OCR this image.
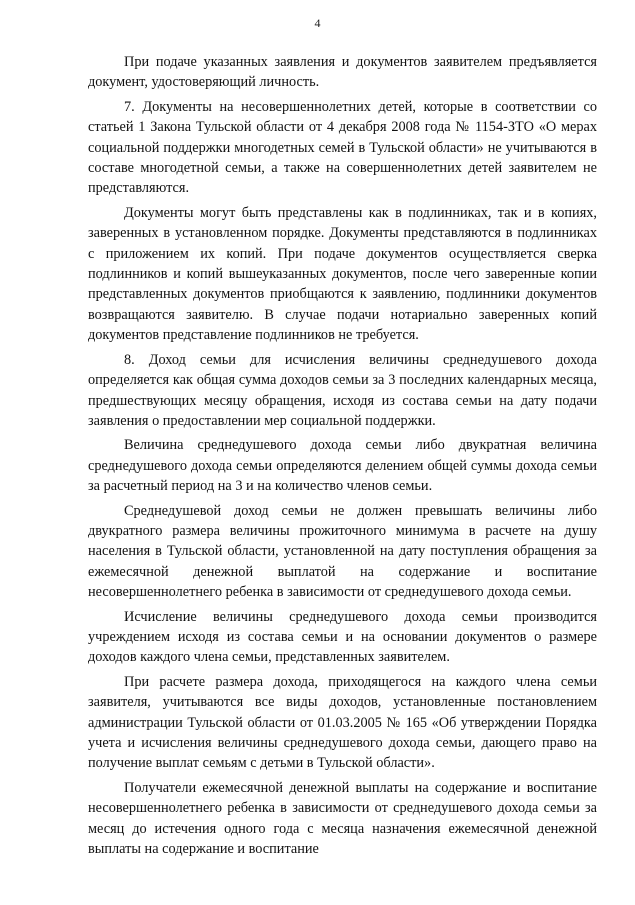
4

При подаче указанных заявления и документов заявителем предъявляется документ, удостоверяющий личность.

7. Документы на несовершеннолетних детей, которые в соответствии со статьей 1 Закона Тульской области от 4 декабря 2008 года № 1154-ЗТО «О мерах социальной поддержки многодетных семей в Тульской области» не учитываются в составе многодетной семьи, а также на совершеннолетних детей заявителем не представляются.

Документы могут быть представлены как в подлинниках, так и в копиях, заверенных в установленном порядке. Документы представляются в подлинниках с приложением их копий. При подаче документов осуществляется сверка подлинников и копий вышеуказанных документов, после чего заверенные копии представленных документов приобщаются к заявлению, подлинники документов возвращаются заявителю. В случае подачи нотариально заверенных копий документов представление подлинников не требуется.

8. Доход семьи для исчисления величины среднедушевого дохода определяется как общая сумма доходов семьи за 3 последних календарных месяца, предшествующих месяцу обращения, исходя из состава семьи на дату подачи заявления о предоставлении мер социальной поддержки.

Величина среднедушевого дохода семьи либо двукратная величина среднедушевого дохода семьи определяются делением общей суммы дохода семьи за расчетный период на 3 и на количество членов семьи.

Среднедушевой доход семьи не должен превышать величины либо двукратного размера величины прожиточного минимума в расчете на душу населения в Тульской области, установленной на дату поступления обращения за ежемесячной денежной выплатой на содержание и воспитание несовершеннолетнего ребенка в зависимости от среднедушевого дохода семьи.

Исчисление величины среднедушевого дохода семьи производится учреждением исходя из состава семьи и на основании документов о размере доходов каждого члена семьи, представленных заявителем.

При расчете размера дохода, приходящегося на каждого члена семьи заявителя, учитываются все виды доходов, установленные постановлением администрации Тульской области от 01.03.2005 № 165 «Об утверждении Порядка учета и исчисления величины среднедушевого дохода семьи, дающего право на получение выплат семьям с детьми в Тульской области».

Получатели ежемесячной денежной выплаты на содержание и воспитание несовершеннолетнего ребенка в зависимости от среднедушевого дохода семьи за месяц до истечения одного года с месяца назначения ежемесячной денежной выплаты на содержание и воспитание
